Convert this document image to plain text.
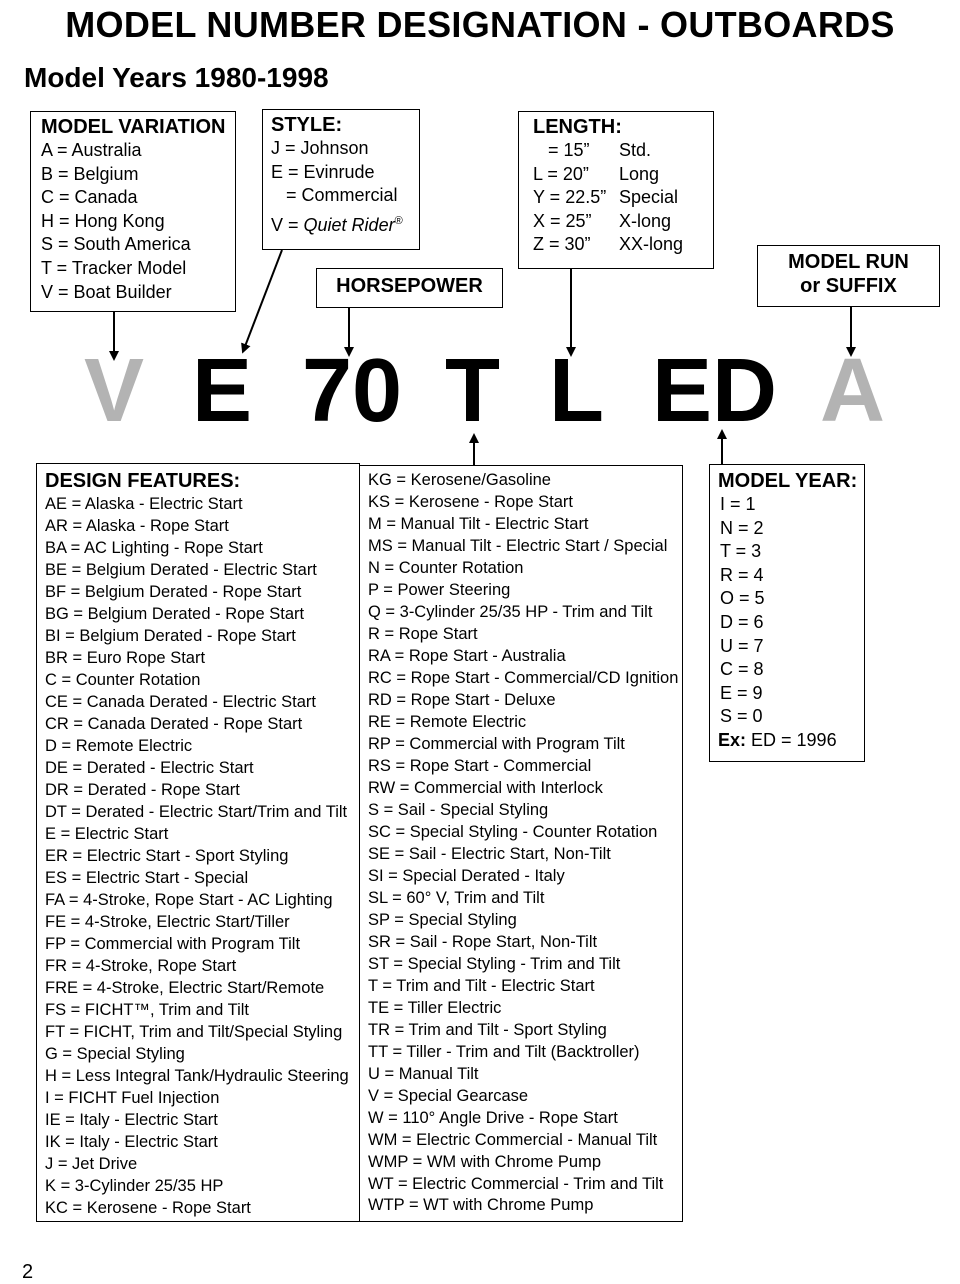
MODEL NUMBER DESIGNATION - OUTBOARDS
Model Years 1980-1998
MODEL VARIATION
A = Australia
B = Belgium
C = Canada
H = Hong Kong
S = South America
T = Tracker Model
V = Boat Builder
STYLE:
J = Johnson
E = Evinrude
= Commercial
V = Quiet Rider®
HORSEPOWER
LENGTH:
= 15”	Std.
L = 20”	Long
Y = 22.5” Special
X = 25”	X-long
Z = 30”	XX-long
MODEL RUN
or SUFFIX
V E 70 T L ED A
DESIGN FEATURES:
AE = Alaska - Electric Start
AR = Alaska - Rope Start
BA = AC Lighting - Rope Start
BE = Belgium Derated - Electric Start
BF = Belgium Derated - Rope Start
BG = Belgium Derated - Rope Start
BI = Belgium Derated - Rope Start
BR = Euro Rope Start
C = Counter Rotation
CE = Canada Derated - Electric Start
CR = Canada Derated - Rope Start
D = Remote Electric
DE = Derated - Electric Start
DR = Derated - Rope Start
DT = Derated - Electric Start/Trim and Tilt
E = Electric Start
ER = Electric Start - Sport Styling
ES = Electric Start - Special
FA = 4-Stroke, Rope Start - AC Lighting
FE = 4-Stroke, Electric Start/Tiller
FP = Commercial with Program Tilt
FR = 4-Stroke, Rope Start
FRE = 4-Stroke, Electric Start/Remote
FS = FICHT™, Trim and Tilt
FT = FICHT, Trim and Tilt/Special Styling
G = Special Styling
H = Less Integral Tank/Hydraulic Steering
I = FICHT Fuel Injection
IE = Italy - Electric Start
IK = Italy - Electric Start
J = Jet Drive
K = 3-Cylinder 25/35 HP
KC = Kerosene - Rope Start
KG = Kerosene/Gasoline
KS = Kerosene - Rope Start
M = Manual Tilt - Electric Start
MS = Manual Tilt - Electric Start / Special
N = Counter Rotation
P = Power Steering
Q = 3-Cylinder 25/35 HP - Trim and Tilt
R = Rope Start
RA = Rope Start - Australia
RC = Rope Start - Commercial/CD Ignition
RD = Rope Start - Deluxe
RE = Remote Electric
RP = Commercial with Program Tilt
RS = Rope Start - Commercial
RW = Commercial with Interlock
S = Sail - Special Styling
SC = Special Styling - Counter Rotation
SE = Sail - Electric Start, Non-Tilt
SI = Special Derated - Italy
SL = 60° V, Trim and Tilt
SP = Special Styling
SR = Sail - Rope Start, Non-Tilt
ST = Special Styling - Trim and Tilt
T = Trim and Tilt - Electric Start
TE = Tiller Electric
TR = Trim and Tilt - Sport Styling
TT = Tiller - Trim and Tilt (Backtroller)
U = Manual Tilt
V = Special Gearcase
W = 110° Angle Drive - Rope Start
WM = Electric Commercial - Manual Tilt
WMP = WM with Chrome Pump
WT = Electric Commercial - Trim and Tilt
WTP = WT with Chrome Pump
MODEL YEAR:
I = 1
N = 2
T = 3
R = 4
O = 5
D = 6
U = 7
C = 8
E = 9
S = 0
Ex: ED = 1996
2
